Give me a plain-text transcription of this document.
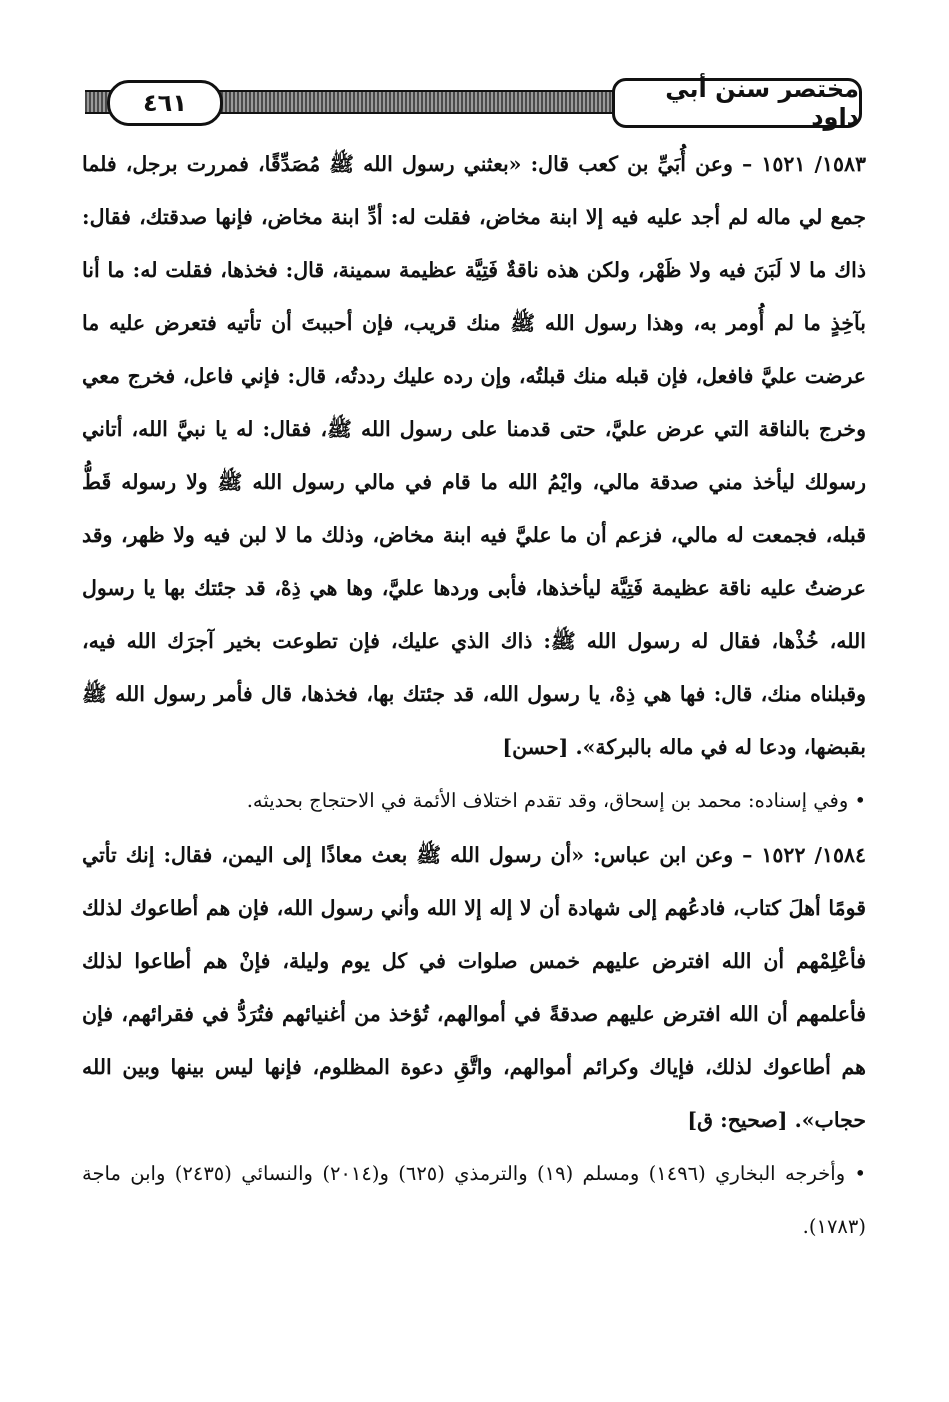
٤٦١	مختصر سنن أبي داود

١٥٨٣/ ١٥٢١ – وعن أُبَيِّ بن كعب قال: «بعثني رسول الله ﷺ مُصَدِّقًا، فمررت برجل، فلما جمع لي ماله لم أجد عليه فيه إلا ابنة مخاض، فقلت له: أدِّ ابنة مخاض، فإنها صدقتك، فقال: ذاك ما لا لَبَنَ فيه ولا ظَهْر، ولكن هذه ناقةٌ فَتِيَّة عظيمة سمينة، قال: فخذها، فقلت له: ما أنا بآخِذٍ ما لم أُومر به، وهذا رسول الله ﷺ منك قريب، فإن أحببتَ أن تأتيه فتعرض عليه ما عرضت عليَّ فافعل، فإن قبله منك قبلتُه، وإن رده عليك رددتُه، قال: فإني فاعل، فخرج معي وخرج بالناقة التي عرض عليَّ، حتى قدمنا على رسول الله ﷺ، فقال: له يا نبيَّ الله، أتاني رسولك ليأخذ مني صدقة مالي، وايْمُ الله ما قام في مالي رسول الله ﷺ ولا رسوله قَطُّ قبله، فجمعت له مالي، فزعم أن ما عليَّ فيه ابنة مخاض، وذلك ما لا لبن فيه ولا ظهر، وقد عرضتُ عليه ناقة عظيمة فَتِيَّة ليأخذها، فأبى وردها عليَّ، وها هي ذِهْ، قد جئتك بها يا رسول الله، خُذْها، فقال له رسول الله ﷺ: ذاك الذي عليك، فإن تطوعت بخير آجرَك الله فيه، وقبلناه منك، قال: فها هي ذِهْ، يا رسول الله، قد جئتك بها، فخذها، قال فأمر رسول الله ﷺ بقبضها، ودعا له في ماله بالبركة». [حسن]

• وفي إسناده: محمد بن إسحاق، وقد تقدم اختلاف الأئمة في الاحتجاج بحديثه.

١٥٨٤/ ١٥٢٢ – وعن ابن عباس: «أن رسول الله ﷺ بعث معاذًا إلى اليمن، فقال: إنك تأتي قومًا أهلَ كتاب، فادعُهم إلى شهادة أن لا إله إلا الله وأني رسول الله، فإن هم أطاعوك لذلك فأعْلِمْهم أن الله افترض عليهم خمس صلوات في كل يوم وليلة، فإنْ هم أطاعوا لذلك فأعلمهم أن الله افترض عليهم صدقةً في أموالهم، تُؤخذ من أغنيائهم فتُرَدُّ في فقرائهم، فإن هم أطاعوك لذلك، فإياك وكرائم أموالهم، واتَّقِ دعوة المظلوم، فإنها ليس بينها وبين الله حجاب». [صحيح: ق]

• وأخرجه البخاري (١٤٩٦) ومسلم (١٩) والترمذي (٦٢٥) و(٢٠١٤) والنسائي (٢٤٣٥) وابن ماجة (١٧٨٣).
